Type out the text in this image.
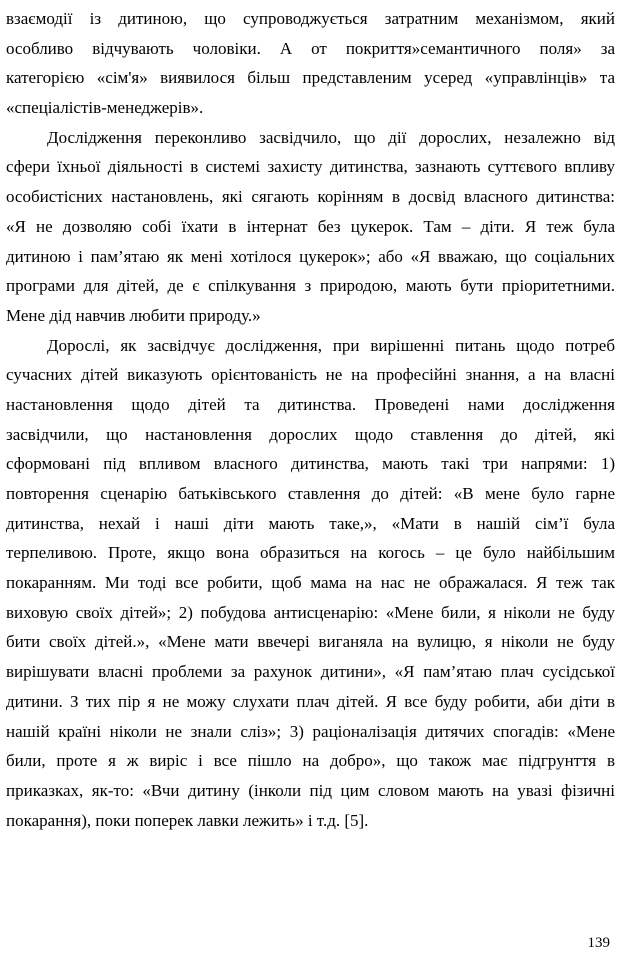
взаємодії із дитиною, що супроводжується затратним механізмом, який
особливо відчувають чоловіки. А от покриття»семантичного поля» за
категорією «сім'я» виявилося більш представленим усеред «управлінців» та
«спеціалістів-менеджерів».
Дослідження переконливо засвідчило, що дії дорослих, незалежно від
сфери їхньої діяльності в системі захисту дитинства, зазнають суттєвого впливу
особистісних настановлень, які сягають корінням в досвід власного дитинства:
«Я не дозволяю собі їхати в інтернат без цукерок. Там – діти. Я теж була
дитиною і пам’ятаю як мені хотілося цукерок»; або «Я вважаю, що соціальних
програми для дітей, де є спілкування з природою, мають бути пріоритетними.
Мене дід навчив любити природу.»
Дорослі, як засвідчує дослідження, при вирішенні питань щодо потреб
сучасних дітей виказують орієнтованість не на професійні знання, а на власні
настановлення щодо дітей та дитинства. Проведені нами дослідження
засвідчили, що настановлення дорослих щодо ставлення до дітей, які
сформовані під впливом власного дитинства, мають такі три напрями: 1)
повторення сценарію батьківського ставлення до дітей: «В мене було гарне
дитинства, нехай і наші діти мають таке,», «Мати в нашій сім’ї була
терпеливою. Проте, якщо вона образиться на когось – це було найбільшим
покаранням. Ми тоді все робити, щоб мама на нас не ображалася. Я теж так
виховую своїх дітей»; 2) побудова антисценарію: «Мене били, я ніколи не буду
бити своїх дітей.», «Мене мати ввечері виганяла на вулицю, я ніколи не буду
вирішувати власні проблеми за рахунок дитини», «Я пам’ятаю плач сусідської
дитини. З тих пір я не можу слухати плач дітей. Я все буду робити, аби діти в
нашій країні ніколи не знали сліз»; 3) раціоналізація дитячих спогадів: «Мене
били, проте я ж виріс і все пішло на добро», що також має підгрунття в
приказках, як-то: «Вчи дитину (інколи під цим словом мають на увазі фізичні
покарання), поки поперек лавки лежить» і т.д. [5].
139
